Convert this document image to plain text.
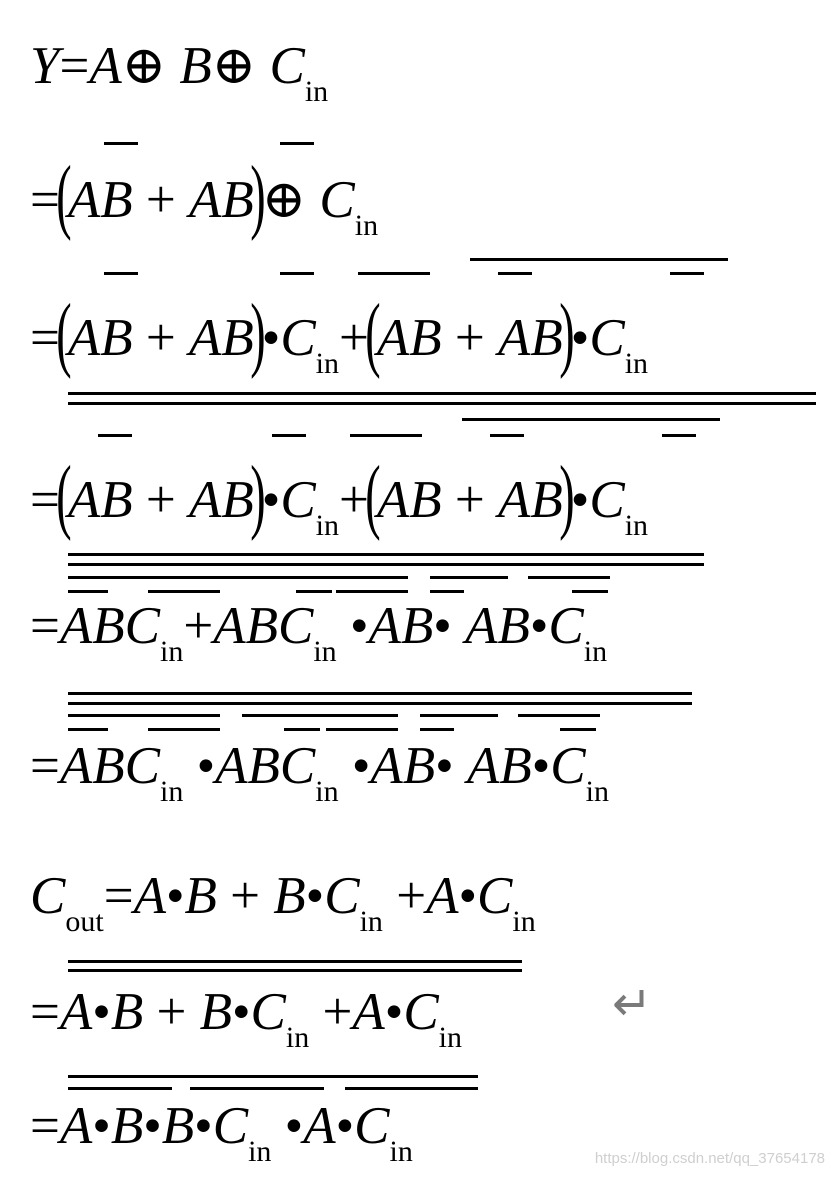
Y=A⊕ B⊕ $C_{in}$
=(AB + AB)⊕ $C_{in}$
$=(AB + AB)•C_{in}+(AB$ + $AB)•C_{in}$
$=(AB + AB)•C_{in}+(AB$ + $AB)•C_{in}$
$=ABC_{in}+ABC_{in}$ •AB• $AB•C_{in}$
$=ABC_{in}$ $•ABC_{in}$ •AB• $AB•C_{in}$
$C_{out}=A•B$ + $B•C_{in}$ $+A•C_{in}$
=A•B + $B•C_{in}$ $+A•C_{in}$
↵
$=A•B•B•C_{in}$ $•A•C_{in}$	https://blog.csdn.net/qq_37654178
